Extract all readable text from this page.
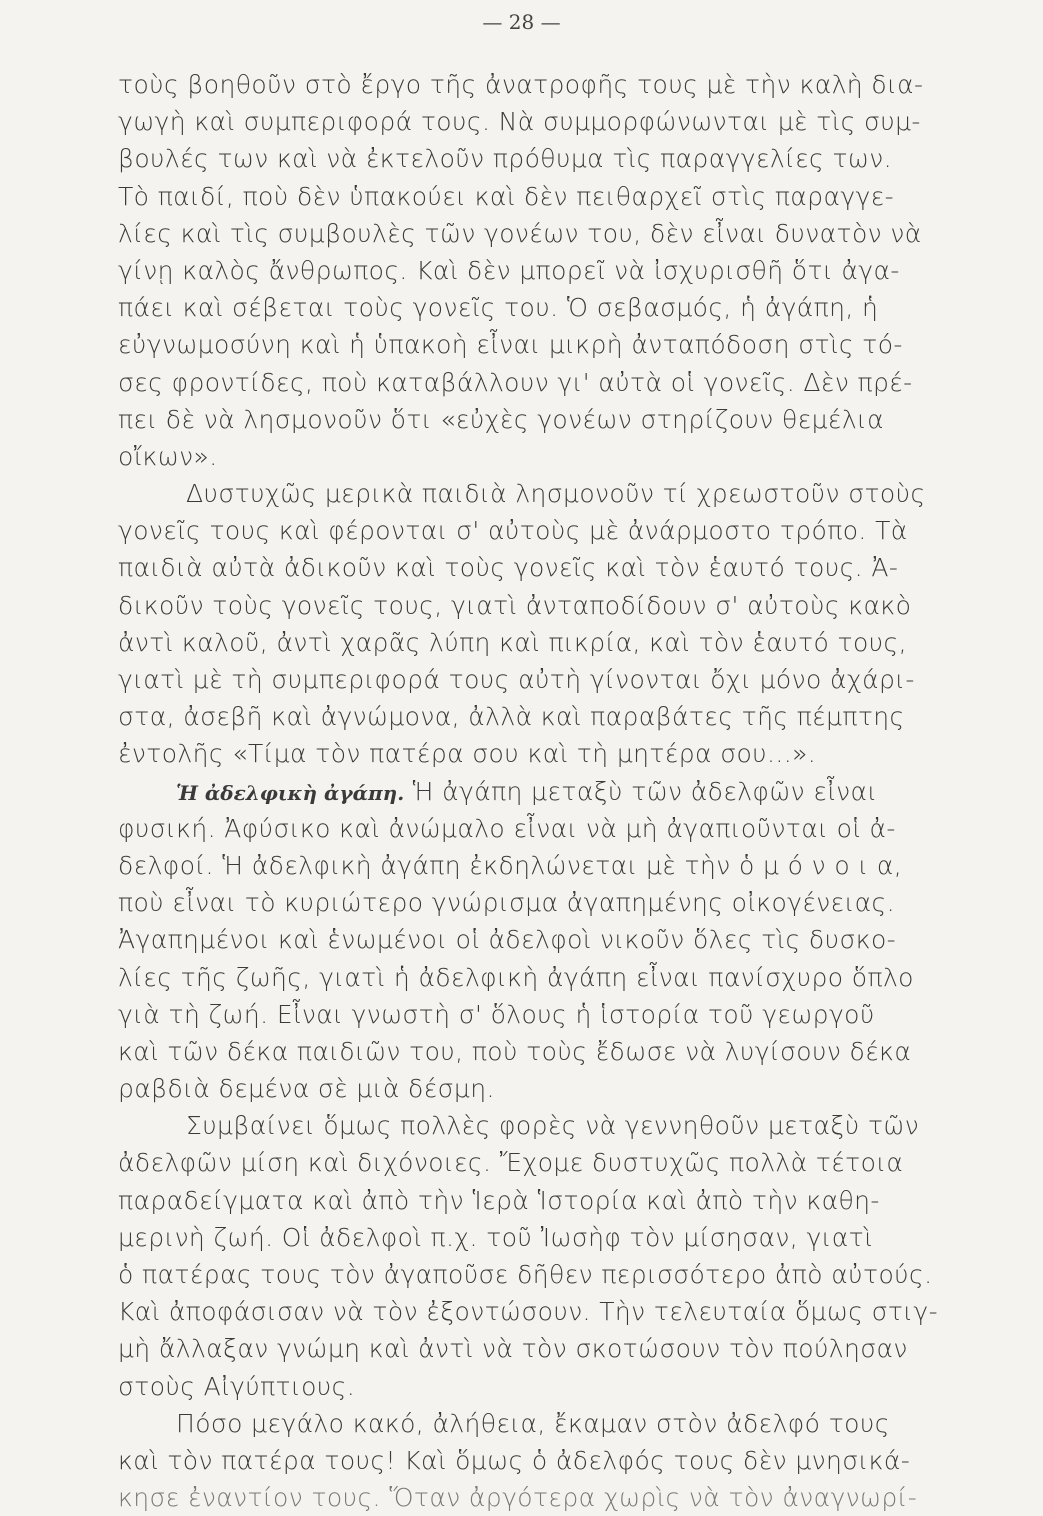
— 28 —
τοὺς βοηθοῦν στὸ ἔργο τῆς ἀνατροφῆς τους μὲ τὴν καλὴ δια-
γωγὴ καὶ συμπεριφορά τους. Νὰ συμμορφώνωνται μὲ τὶς συμ-
βουλές των καὶ νὰ ἐκτελοῦν πρόθυμα τὶς παραγγελίες των.
Τὸ παιδί, ποὺ δὲν ὑπακούει καὶ δὲν πειθαρχεῖ στὶς παραγγε-
λίες καὶ τὶς συμβουλὲς τῶν γονέων του, δὲν εἶναι δυνατὸν νὰ
γίνῃ καλὸς ἄνθρωπος. Καὶ δὲν μπορεῖ νὰ ἰσχυρισθῆ ὅτι ἀγα-
πάει καὶ σέβεται τοὺς γονεῖς του. Ὁ σεβασμός, ἡ ἀγάπη, ἡ
εὐγνωμοσύνη καὶ ἡ ὑπακοὴ εἶναι μικρὴ ἀνταπόδοση στὶς τό-
σες φροντίδες, ποὺ καταβάλλουν γι' αὐτὰ οἱ γονεῖς. Δὲν πρέ-
πει δὲ νὰ λησμονοῦν ὅτι «εὐχὲς γονέων στηρίζουν θεμέλια
οἴκων».
Δυστυχῶς μερικὰ παιδιὰ λησμονοῦν τί χρεωστοῦν στοὺς
γονεῖς τους καὶ φέρονται σ' αὐτοὺς μὲ ἀνάρμοστο τρόπο. Τὰ
παιδιὰ αὐτὰ ἀδικοῦν καὶ τοὺς γονεῖς καὶ τὸν ἑαυτό τους. Ἀ-
δικοῦν τοὺς γονεῖς τους, γιατὶ ἀνταποδίδουν σ' αὐτοὺς κακὸ
ἀντὶ καλοῦ, ἀντὶ χαρᾶς λύπη καὶ πικρία, καὶ τὸν ἑαυτό τους,
γιατὶ μὲ τὴ συμπεριφορά τους αὐτὴ γίνονται ὄχι μόνο ἀχάρι-
στα, ἀσεβῆ καὶ ἀγνώμονα, ἀλλὰ καὶ παραβάτες τῆς πέμπτης
ἐντολῆς «Τίμα τὸν πατέρα σου καὶ τὴ μητέρα σου...».
Ἡ ἀδελφικὴ ἀγάπη. Ἡ ἀγάπη μεταξὺ τῶν ἀδελφῶν εἶναι
φυσική. Ἀφύσικο καὶ ἀνώμαλο εἶναι νὰ μὴ ἀγαπιοῦνται οἱ ἀ-
δελφοί. Ἡ ἀδελφικὴ ἀγάπη ἐκδηλώνεται μὲ τὴν ὁ μ ό ν ο ι α,
ποὺ εἶναι τὸ κυριώτερο γνώρισμα ἀγαπημένης οἰκογένειας.
Ἀγαπημένοι καὶ ἑνωμένοι οἱ ἀδελφοὶ νικοῦν ὅλες τὶς δυσκο-
λίες τῆς ζωῆς, γιατὶ ἡ ἀδελφικὴ ἀγάπη εἶναι πανίσχυρο ὅπλο
γιὰ τὴ ζωή. Εἶναι γνωστὴ σ' ὅλους ἡ ἱστορία τοῦ γεωργοῦ
καὶ τῶν δέκα παιδιῶν του, ποὺ τοὺς ἔδωσε νὰ λυγίσουν δέκα
ραβδιὰ δεμένα σὲ μιὰ δέσμη.
Συμβαίνει ὅμως πολλὲς φορὲς νὰ γεννηθοῦν μεταξὺ τῶν
ἀδελφῶν μίση καὶ διχόνοιες. Ἔχομε δυστυχῶς πολλὰ τέτοια
παραδείγματα καὶ ἀπὸ τὴν Ἱερὰ Ἱστορία καὶ ἀπὸ τὴν καθη-
μερινὴ ζωή. Οἱ ἀδελφοὶ π.χ. τοῦ Ἰωσὴφ τὸν μίσησαν, γιατὶ
ὁ πατέρας τους τὸν ἀγαποῦσε δῆθεν περισσότερο ἀπὸ αὐτούς.
Καὶ ἀποφάσισαν νὰ τὸν ἐξοντώσουν. Τὴν τελευταία ὅμως στιγ-
μὴ ἄλλαξαν γνώμη καὶ ἀντὶ νὰ τὸν σκοτώσουν τὸν πούλησαν
στοὺς Αἰγύπτιους.
Πόσο μεγάλο κακό, ἀλήθεια, ἔκαμαν στὸν ἀδελφό τους
καὶ τὸν πατέρα τους! Καὶ ὅμως ὁ ἀδελφός τους δὲν μνησικά-
κησε ἐναντίον τους. Ὅταν ἀργότερα χωρὶς νὰ τὸν ἀναγνωρί-
